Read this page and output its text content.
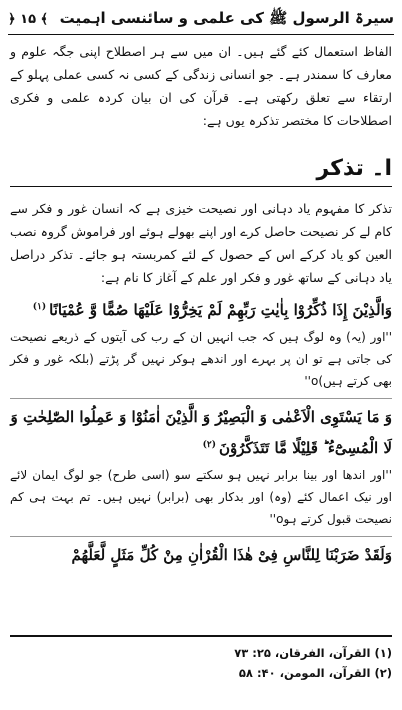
سیرۃ الرسول ﷺ کی علمی و سائنسی اہمیت
﴿ ۱۵ ﴾

الفاظ استعمال کئے گئے ہیں۔ ان میں سے ہر اصطلاح اپنی جگہ علوم و معارف کا سمندر ہے۔ جو انسانی زندگی کے کسی نہ کسی عملی پہلو کے ارتقاء سے تعلق رکھتی ہے۔ قرآن کی ان بیان کردہ علمی و فکری اصطلاحات کا مختصر تذکرہ یوں ہے:

ا۔ تذکر

تذکر کا مفہوم یاد دہانی اور نصیحت خیزی ہے کہ انسان غور و فکر سے کام لے کر نصیحت حاصل کرے اور اپنے بھولے ہوئے اور فراموش گروہ نصب العین کو یاد کرکے اس کے حصول کے لئے کمربستہ ہو جائے۔ تذکر دراصل یاد دہانی کے ساتھ غور و فکر اور علم کے آغاز کا نام ہے:

وَالَّذِيْنَ إِذَا ذُكِّرُوْا بِاٰيٰتِ رَبِّهِمْ لَمْ يَخِرُّوْا عَلَيْهَا صُمًّا وَّ عُمْيَانًا$^{(۱)}$

''اور (یہ) وہ لوگ ہیں کہ جب انہیں ان کے رب کی آیتوں کے ذریعے نصیحت کی جاتی ہے تو ان پر بہرے اور اندھے ہوکر نہیں گر پڑتے (بلکہ غور و فکر بھی کرتے ہیں)o''

وَ مَا يَسْتَوِى الْاَعْمٰى وَ الْبَصِيْرُ وَ الَّذِيْنَ اٰمَنُوْا وَ عَمِلُوا الصّٰلِحٰتِ وَ لَا الْمُسِىْٓءُ ؕ قَلِيْلًا مَّا تَتَذَكَّرُوْنَ$^{(۲)}$

''اور اندھا اور بینا برابر نہیں ہو سکتے سو (اسی طرح) جو لوگ ایمان لائے اور نیک اعمال کئے (وہ) اور بدکار بھی (برابر) نہیں ہیں۔ تم بہت ہی کم نصیحت قبول کرتے ہوo''

وَلَقَدْ ضَرَبْنَا لِلنَّاسِ فِىْ هٰذَا الْقُرْاٰنِ مِنْ كُلِّ مَثَلٍ لَّعَلَّهُمْ
(۱) القرآن، الفرقان، ۲۵: ۷۳
(۲) القرآن، المومن، ۴۰: ۵۸
